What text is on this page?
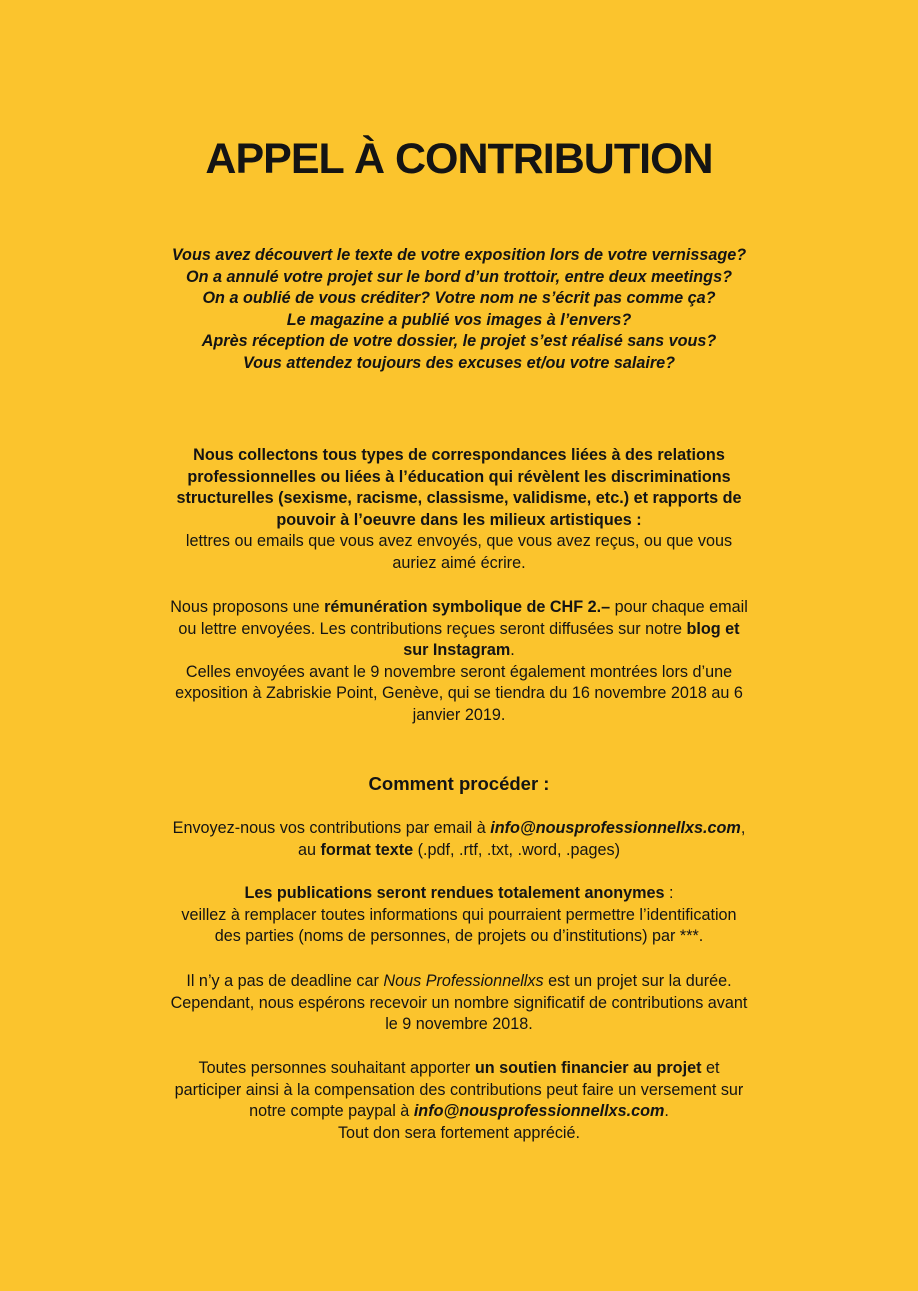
APPEL À CONTRIBUTION

Vous avez découvert le texte de votre exposition lors de votre vernissage?

On a annulé votre projet sur le bord d’un trottoir, entre deux meetings?

On a oublié de vous créditer? Votre nom ne s’écrit pas comme ça?

Le magazine a publié vos images à l’envers?

Après réception de votre dossier, le projet s’est réalisé sans vous?

Vous attendez toujours des excuses et/ou votre salaire?

Nous collectons tous types de correspondances liées à des relations

professionnelles ou liées à l’éducation qui révèlent les discriminations

structurelles (sexisme, racisme, classisme, validisme, etc.) et rapports de

pouvoir à l’oeuvre dans les milieux artistiques :

lettres ou emails que vous avez envoyés, que vous avez reçus, ou que vous

auriez aimé écrire.

Nous proposons une rémunération symbolique de CHF 2.– pour chaque email

ou lettre envoyées. Les contributions reçues seront diffusées sur notre blog et

sur Instagram.

Celles envoyées avant le 9 novembre seront également montrées lors d’une

exposition à Zabriskie Point, Genève, qui se tiendra du 16 novembre 2018 au 6

janvier 2019.

Comment procéder :

Envoyez-nous vos contributions par email à info@nousprofessionnellxs.com,

au format texte (.pdf, .rtf, .txt, .word, .pages)

Les publications seront rendues totalement anonymes :

veillez à remplacer toutes informations qui pourraient permettre l’identification

des parties (noms de personnes, de projets ou d’institutions) par ***.

Il n’y a pas de deadline car Nous Professionnellxs est un projet sur la durée.

Cependant, nous espérons recevoir un nombre significatif de contributions avant

le 9 novembre 2018.

Toutes personnes souhaitant apporter un soutien financier au projet et

participer ainsi à la compensation des contributions peut faire un versement sur

notre compte paypal à info@nousprofessionnellxs.com.

Tout don sera fortement apprécié.
